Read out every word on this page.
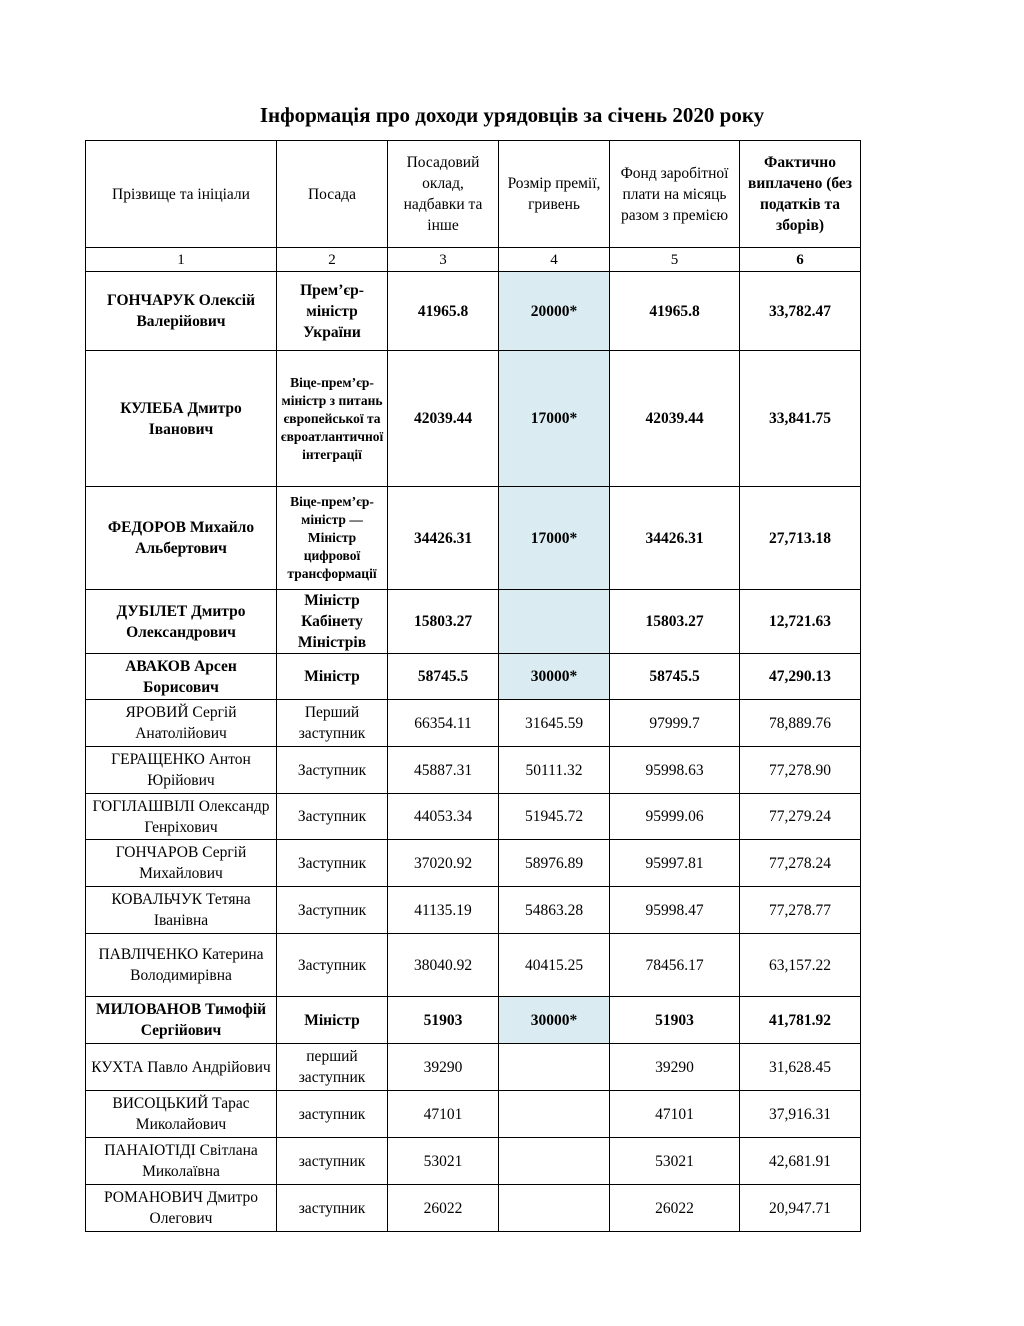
Інформація про доходи урядовців за січень 2020 року
Прізвище та ініціали	Посада	Посадовий оклад, надбавки та інше	Розмір премії, гривень	Фонд заробітної плати на місяць разом з премією	Фактично виплачено (без податків та зборів)
1	2	3	4	5	6
ГОНЧАРУК Олексій Валерійович	Прем’єр-міністр України	41965.8	20000*	41965.8	33,782.47
КУЛЕБА Дмитро Іванович	Віце-прем’єр-міністр з питань європейської та євроатлантичної інтеграції	42039.44	17000*	42039.44	33,841.75
ФЕДОРОВ Михайло Альбертович	Віце-прем’єр-міністр — Міністр цифрової трансформації	34426.31	17000*	34426.31	27,713.18
ДУБІЛЕТ Дмитро Олександрович	Міністр Кабінету Міністрів	15803.27		15803.27	12,721.63
АВАКОВ Арсен Борисович	Міністр	58745.5	30000*	58745.5	47,290.13
ЯРОВИЙ Сергій Анатолійович	Перший заступник	66354.11	31645.59	97999.7	78,889.76
ГЕРАЩЕНКО Антон Юрійович	Заступник	45887.31	50111.32	95998.63	77,278.90
ГОГІЛАШВІЛІ Олександр Генріхович	Заступник	44053.34	51945.72	95999.06	77,279.24
ГОНЧАРОВ Сергій Михайлович	Заступник	37020.92	58976.89	95997.81	77,278.24
КОВАЛЬЧУК Тетяна Іванівна	Заступник	41135.19	54863.28	95998.47	77,278.77
ПАВЛІЧЕНКО Катерина Володимирівна	Заступник	38040.92	40415.25	78456.17	63,157.22
МИЛОВАНОВ Тимофій Сергійович	Міністр	51903	30000*	51903	41,781.92
КУХТА Павло Андрійович	перший заступник	39290		39290	31,628.45
ВИСОЦЬКИЙ Тарас Миколайович	заступник	47101		47101	37,916.31
ПАНАІОТІДІ Світлана Миколаївна	заступник	53021		53021	42,681.91
РОМАНОВИЧ Дмитро Олегович	заступник	26022		26022	20,947.71
